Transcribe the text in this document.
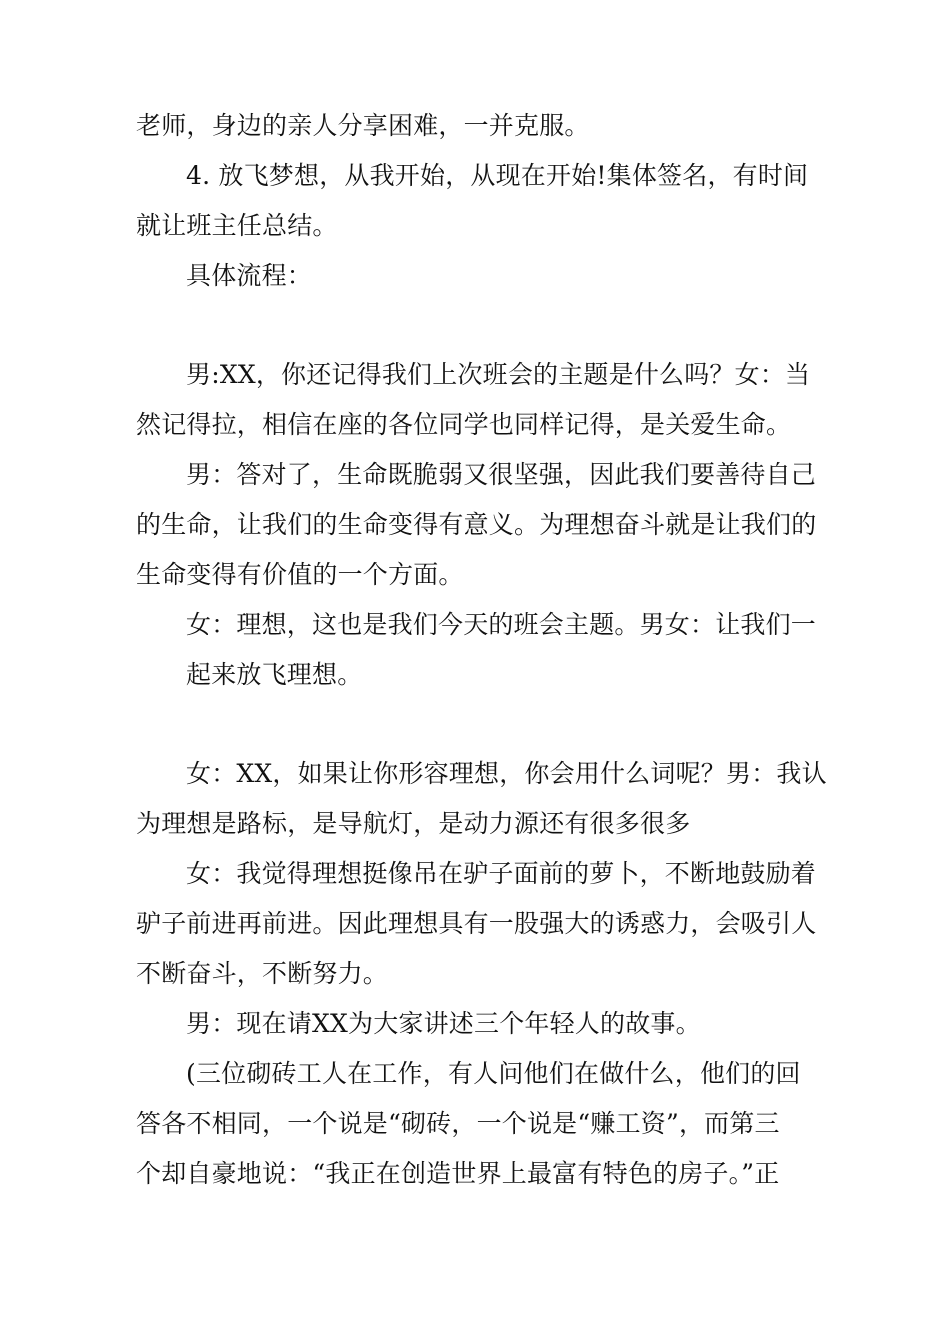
老师，身边的亲人分享困难，一并克服。
4. 放飞梦想，从我开始，从现在开始!集体签名，有时间
就让班主任总结。
具体流程：
男:XX，你还记得我们上次班会的主题是什么吗？女：当
然记得拉，相信在座的各位同学也同样记得，是关爱生命。
男：答对了，生命既脆弱又很坚强，因此我们要善待自己
的生命，让我们的生命变得有意义。为理想奋斗就是让我们的
生命变得有价值的一个方面。
女：理想，这也是我们今天的班会主题。男女：让我们一
起来放飞理想。
女：XX，如果让你形容理想，你会用什么词呢？男：我认
为理想是路标，是导航灯，是动力源还有很多很多
女：我觉得理想挺像吊在驴子面前的萝卜，不断地鼓励着
驴子前进再前进。因此理想具有一股强大的诱惑力，会吸引人
不断奋斗，不断努力。
男：现在请XX为大家讲述三个年轻人的故事。
(三位砌砖工人在工作，有人问他们在做什么，他们的回
答各不相同，一个说是“砌砖，一个说是“赚工资”，而第三
个却自豪地说：“我正在创造世界上最富有特色的房子。”正
